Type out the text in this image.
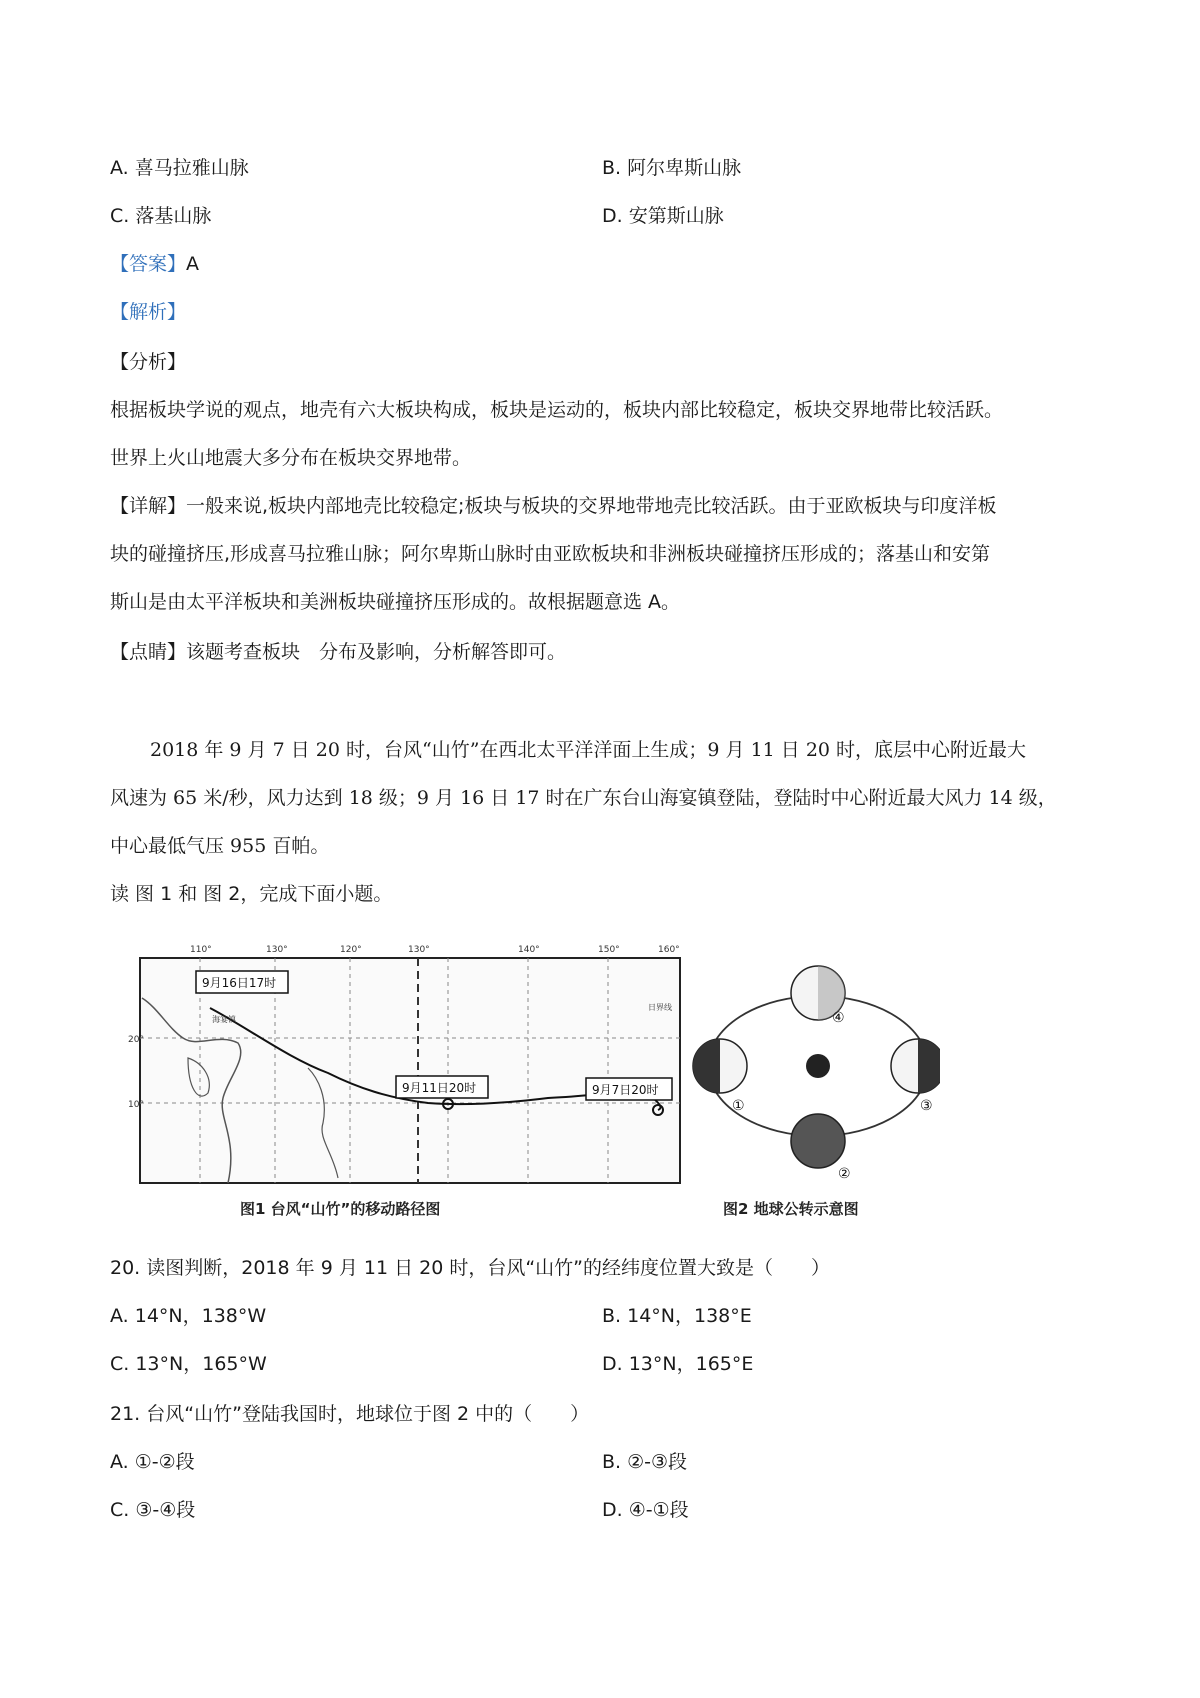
A. 喜马拉雅山脉	B. 阿尔卑斯山脉
C. 落基山脉	D. 安第斯山脉
【答案】A
【解析】
【分析】
根据板块学说的观点，地壳有六大板块构成，板块是运动的，板块内部比较稳定，板块交界地带比较活跃。
世界上火山地震大多分布在板块交界地带。
【详解】一般来说,板块内部地壳比较稳定;板块与板块的交界地带地壳比较活跃。由于亚欧板块与印度洋板
块的碰撞挤压,形成喜马拉雅山脉；阿尔卑斯山脉时由亚欧板块和非洲板块碰撞挤压形成的；落基山和安第
斯山是由太平洋板块和美洲板块碰撞挤压形成的。故根据题意选 A。
【点睛】该题考查板块　分布及影响，分析解答即可。
2018 年 9 月 7 日 20 时，台风“山竹”在西北太平洋洋面上生成；9 月 11 日 20 时，底层中心附近最大
风速为 65 米/秒，风力达到 18 级；9 月 16 日 17 时在广东台山海宴镇登陆，登陆时中心附近最大风力 14 级，
中心最低气压 955 百帕。
读 图 1 和 图 2，完成下面小题。
110°	130°	120°	130°	140°	150°	160°
20°
10°
9月16日17时
9月11日20时	9月7日20时
海宴镇
日界线
图1 台风“山竹”的移动路径图
①
②
③
④
图2 地球公转示意图
20. 读图判断，2018 年 9 月 11 日 20 时，台风“山竹”的经纬度位置大致是（　　）
A. 14°N，138°W	B. 14°N，138°E
C. 13°N，165°W	D. 13°N，165°E
21. 台风“山竹”登陆我国时，地球位于图 2 中的（　　）
A. ①-②段	B. ②-③段
C. ③-④段	D. ④-①段
